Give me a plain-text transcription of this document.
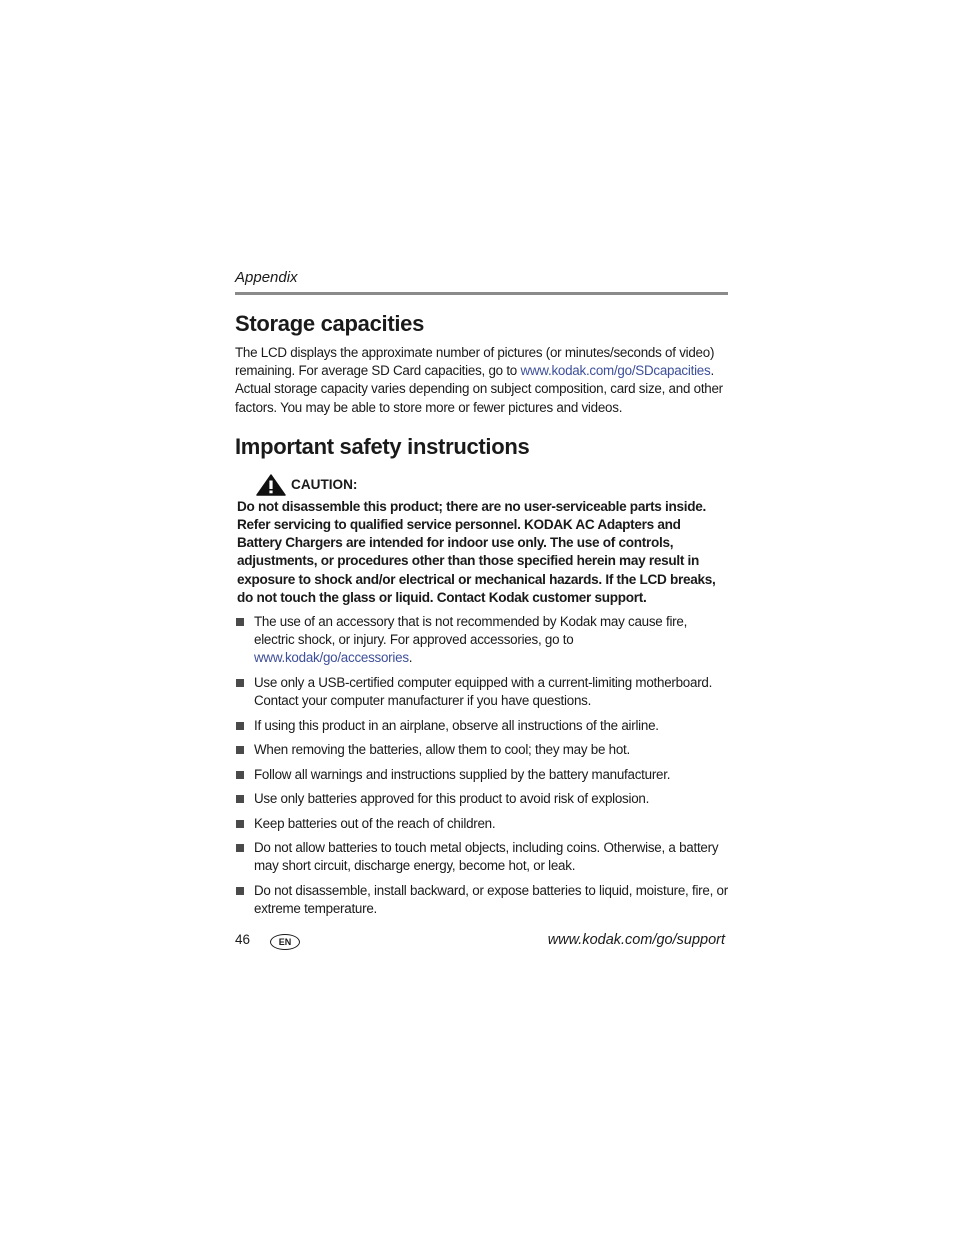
Appendix

Storage capacities

The LCD displays the approximate number of pictures (or minutes/seconds of video) remaining. For average SD Card capacities, go to www.kodak.com/go/SDcapacities. Actual storage capacity varies depending on subject composition, card size, and other factors. You may be able to store more or fewer pictures and videos.

Important safety instructions
CAUTION:

Do not disassemble this product; there are no user-serviceable parts inside. Refer servicing to qualified service personnel. KODAK AC Adapters and Battery Chargers are intended for indoor use only. The use of controls, adjustments, or procedures other than those specified herein may result in exposure to shock and/or electrical or mechanical hazards. If the LCD breaks, do not touch the glass or liquid. Contact Kodak customer support.

The use of an accessory that is not recommended by Kodak may cause fire, electric shock, or injury. For approved accessories, go to www.kodak/go/accessories.
Use only a USB-certified computer equipped with a current-limiting motherboard. Contact your computer manufacturer if you have questions.
If using this product in an airplane, observe all instructions of the airline.
When removing the batteries, allow them to cool; they may be hot.
Follow all warnings and instructions supplied by the battery manufacturer.
Use only batteries approved for this product to avoid risk of explosion.
Keep batteries out of the reach of children.
Do not allow batteries to touch metal objects, including coins. Otherwise, a battery may short circuit, discharge energy, become hot, or leak.
Do not disassemble, install backward, or expose batteries to liquid, moisture, fire, or extreme temperature.
46	EN	www.kodak.com/go/support
